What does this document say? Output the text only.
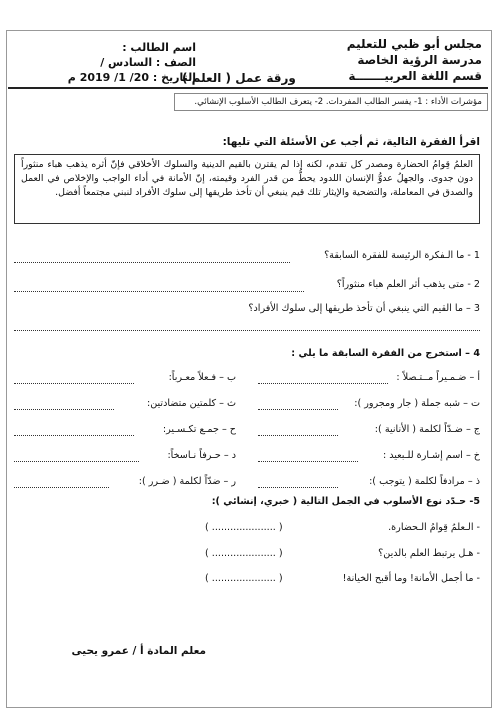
مجلس أبو ظبي للتعليم
مدرسة الرؤية الخاصة
قسم اللغة العربيـــــــة
ورقة عمل ( العلم )
اسم الطالب :
الصف : السادس /
التاريخ : 20/ 1/ 2019 م
مؤشرات الأداء : 1- يفسر الطالب المفردات. 2- يتعرف الطالب الأسلوب الإنشائي.
اقرأ الفقرة التالية، ثم أجب عن الأسئلة التي تليها:
العلمُ قِوامُ الحضارة ومصدر كل تقدم، لكنه إذا لم يقترن بالقيم الدينية والسلوك الأخلاقي فإنّ أثره يذهب هباء منثوراً دون جدوى. والجهلُ عدوُّ الإنسان اللدود يحطُّ من قدر الفرد وقيمته، إنّ الأمانة في أداء الواجب والإخلاص في العمل والصدق في المعاملة، والتضحية والإيثار تلك قيم ينبغي أن تأخذ طريقها إلى سلوك الأفراد لنبني مجتمعاً أفضل.
1 - ما الـفكرة الرئيسة للفقرة السابقة؟
2 - متى يذهب أثر العلم هباء منثوراً؟
3 – ما القيم التي ينبغي أن تأخذ طريقها إلى سلوك الأفراد؟
4 – استخرج من الفقرة السابقة ما يلي :
أ – ضـمـيراً مــتـصلاً :
ب – فـعلاً معـرباً:
ت – شبه جملة ( جار ومجرور ):
ث – كلمتين متضادتين:
ج – ضـدّاً لكلمة ( الأنانية ):
ح – جمـع تكـسـير:
خ – اسم إشـارة للـبعيد :
د – حـرفاً نـاسخاً:
ذ – مرادفاً لكلمة ( يتوجب ):
ر – ضدّاً لكلمة ( ضـرر ):
5- حـدّد نوع الأسلوب في الجمل التالية ( خبري، إنشائي ):
- الـعلمُ قِوامُ الـحضارة.
( ..................... )
- هـل يرتبط العلم بالدين؟
( ..................... )
- ما أجمل الأمانة! وما أقبح الخيانة!
( ..................... )
معلم المادة أ / عمرو يحيى
